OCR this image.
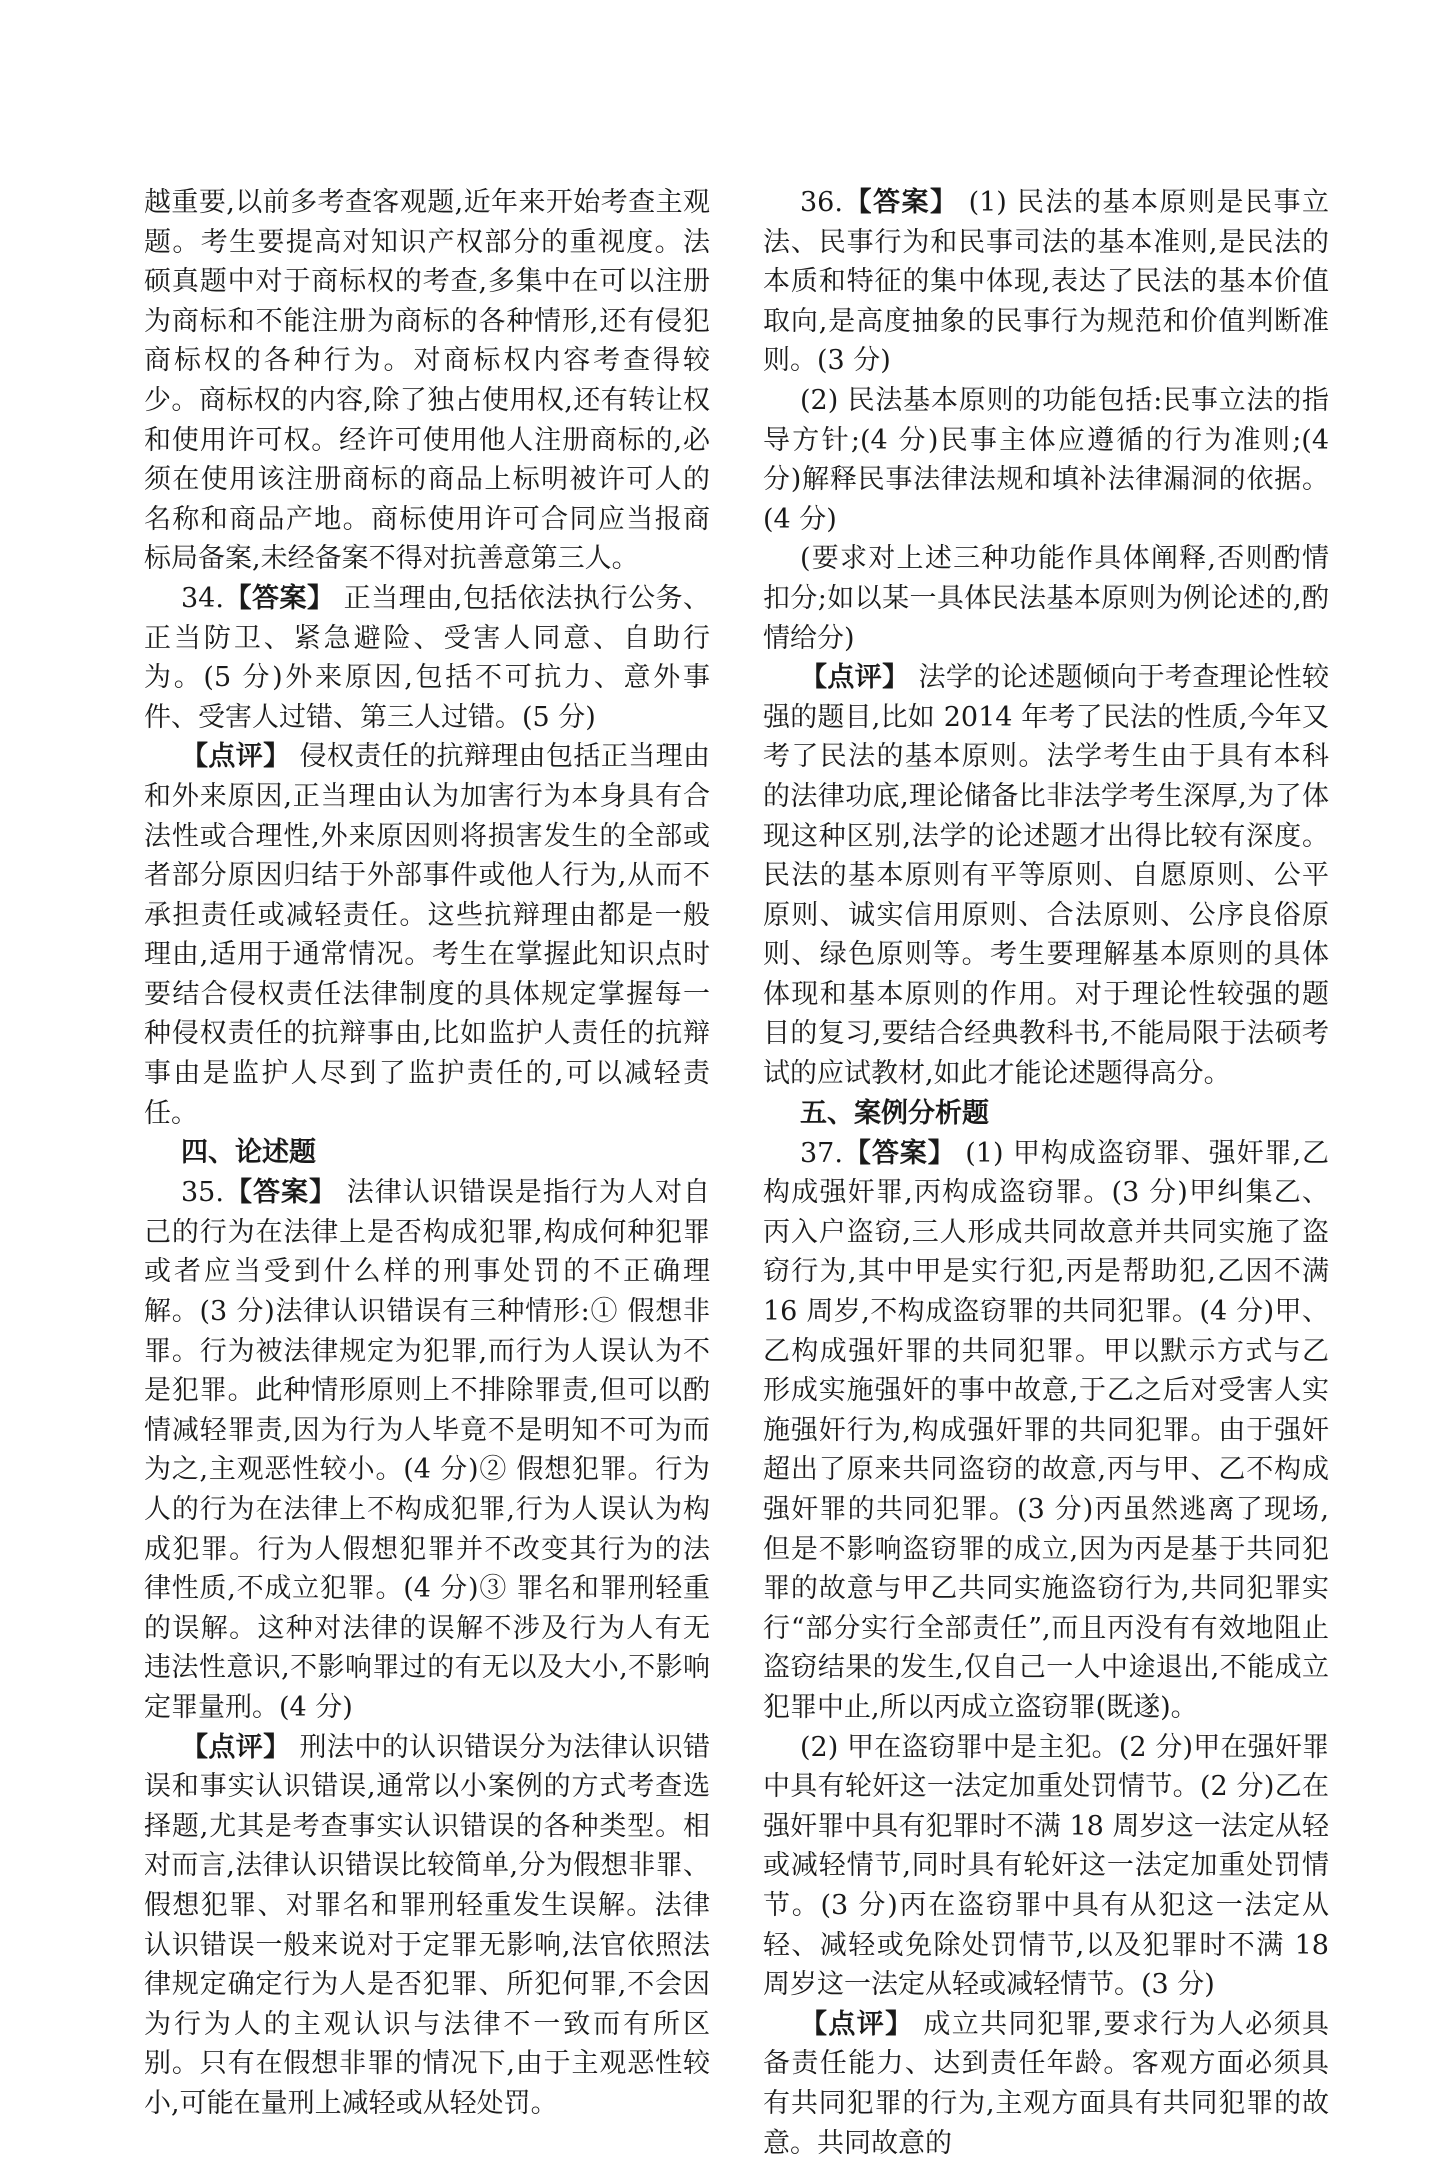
越重要,以前多考查客观题,近年来开始考查主观题。考生要提高对知识产权部分的重视度。法硕真题中对于商标权的考查,多集中在可以注册为商标和不能注册为商标的各种情形,还有侵犯商标权的各种行为。对商标权内容考查得较少。商标权的内容,除了独占使用权,还有转让权和使用许可权。经许可使用他人注册商标的,必须在使用该注册商标的商品上标明被许可人的名称和商品产地。商标使用许可合同应当报商标局备案,未经备案不得对抗善意第三人。

34.【答案】 正当理由,包括依法执行公务、正当防卫、紧急避险、受害人同意、自助行为。(5 分)外来原因,包括不可抗力、意外事件、受害人过错、第三人过错。(5 分)

【点评】 侵权责任的抗辩理由包括正当理由和外来原因,正当理由认为加害行为本身具有合法性或合理性,外来原因则将损害发生的全部或者部分原因归结于外部事件或他人行为,从而不承担责任或减轻责任。这些抗辩理由都是一般理由,适用于通常情况。考生在掌握此知识点时要结合侵权责任法律制度的具体规定掌握每一种侵权责任的抗辩事由,比如监护人责任的抗辩事由是监护人尽到了监护责任的,可以减轻责任。

四、论述题

35.【答案】 法律认识错误是指行为人对自己的行为在法律上是否构成犯罪,构成何种犯罪或者应当受到什么样的刑事处罚的不正确理解。(3 分)法律认识错误有三种情形:① 假想非罪。行为被法律规定为犯罪,而行为人误认为不是犯罪。此种情形原则上不排除罪责,但可以酌情减轻罪责,因为行为人毕竟不是明知不可为而为之,主观恶性较小。(4 分)② 假想犯罪。行为人的行为在法律上不构成犯罪,行为人误认为构成犯罪。行为人假想犯罪并不改变其行为的法律性质,不成立犯罪。(4 分)③ 罪名和罪刑轻重的误解。这种对法律的误解不涉及行为人有无违法性意识,不影响罪过的有无以及大小,不影响定罪量刑。(4 分)

【点评】 刑法中的认识错误分为法律认识错误和事实认识错误,通常以小案例的方式考查选择题,尤其是考查事实认识错误的各种类型。相对而言,法律认识错误比较简单,分为假想非罪、假想犯罪、对罪名和罪刑轻重发生误解。法律认识错误一般来说对于定罪无影响,法官依照法律规定确定行为人是否犯罪、所犯何罪,不会因为行为人的主观认识与法律不一致而有所区别。只有在假想非罪的情况下,由于主观恶性较小,可能在量刑上减轻或从轻处罚。

36.【答案】 (1) 民法的基本原则是民事立法、民事行为和民事司法的基本准则,是民法的本质和特征的集中体现,表达了民法的基本价值取向,是高度抽象的民事行为规范和价值判断准则。(3 分)

(2) 民法基本原则的功能包括:民事立法的指导方针;(4 分)民事主体应遵循的行为准则;(4 分)解释民事法律法规和填补法律漏洞的依据。(4 分)

(要求对上述三种功能作具体阐释,否则酌情扣分;如以某一具体民法基本原则为例论述的,酌情给分)

【点评】 法学的论述题倾向于考查理论性较强的题目,比如 2014 年考了民法的性质,今年又考了民法的基本原则。法学考生由于具有本科的法律功底,理论储备比非法学考生深厚,为了体现这种区别,法学的论述题才出得比较有深度。民法的基本原则有平等原则、自愿原则、公平原则、诚实信用原则、合法原则、公序良俗原则、绿色原则等。考生要理解基本原则的具体体现和基本原则的作用。对于理论性较强的题目的复习,要结合经典教科书,不能局限于法硕考试的应试教材,如此才能论述题得高分。

五、案例分析题

37.【答案】 (1) 甲构成盗窃罪、强奸罪,乙构成强奸罪,丙构成盗窃罪。(3 分)甲纠集乙、丙入户盗窃,三人形成共同故意并共同实施了盗窃行为,其中甲是实行犯,丙是帮助犯,乙因不满 16 周岁,不构成盗窃罪的共同犯罪。(4 分)甲、乙构成强奸罪的共同犯罪。甲以默示方式与乙形成实施强奸的事中故意,于乙之后对受害人实施强奸行为,构成强奸罪的共同犯罪。由于强奸超出了原来共同盗窃的故意,丙与甲、乙不构成强奸罪的共同犯罪。(3 分)丙虽然逃离了现场,但是不影响盗窃罪的成立,因为丙是基于共同犯罪的故意与甲乙共同实施盗窃行为,共同犯罪实行“部分实行全部责任”,而且丙没有有效地阻止盗窃结果的发生,仅自己一人中途退出,不能成立犯罪中止,所以丙成立盗窃罪(既遂)。

(2) 甲在盗窃罪中是主犯。(2 分)甲在强奸罪中具有轮奸这一法定加重处罚情节。(2 分)乙在强奸罪中具有犯罪时不满 18 周岁这一法定从轻或减轻情节,同时具有轮奸这一法定加重处罚情节。(3 分)丙在盗窃罪中具有从犯这一法定从轻、减轻或免除处罚情节,以及犯罪时不满 18 周岁这一法定从轻或减轻情节。(3 分)

【点评】 成立共同犯罪,要求行为人必须具备责任能力、达到责任年龄。客观方面必须具有共同犯罪的行为,主观方面具有共同犯罪的故意。共同故意的
